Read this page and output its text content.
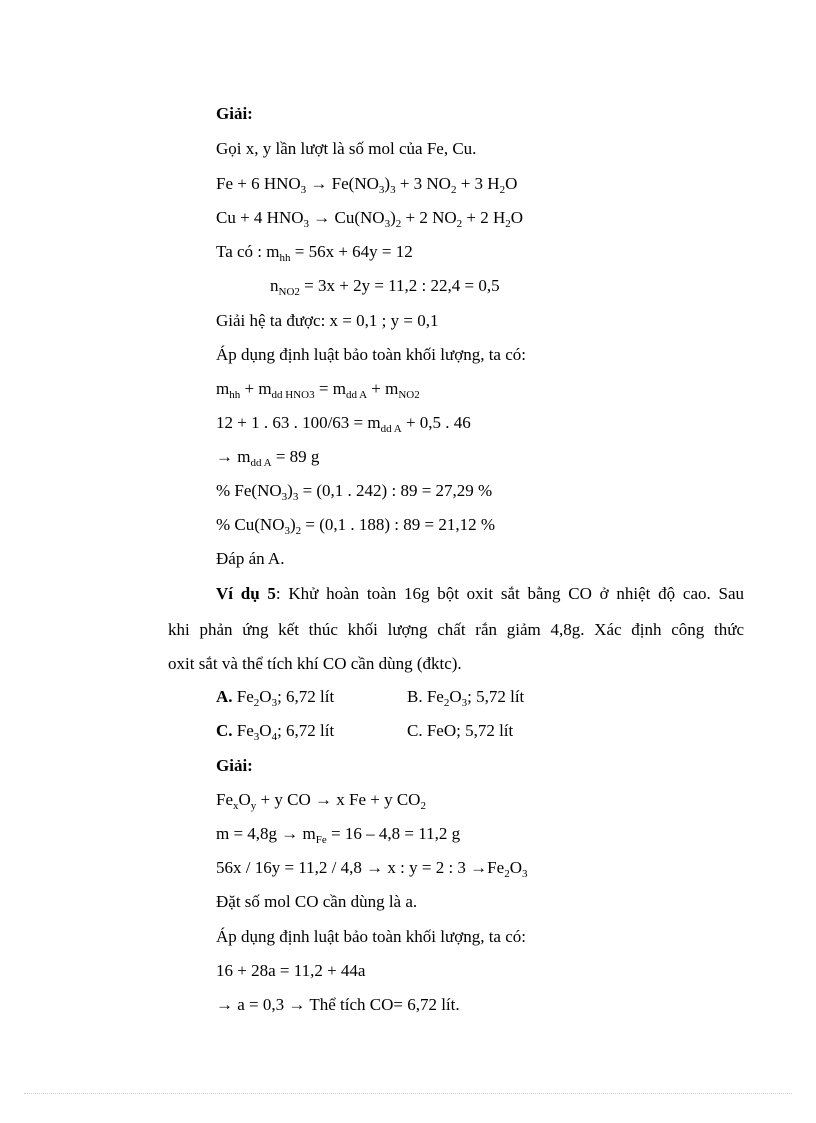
Giải:
Gọi x, y lần lượt là số mol của Fe, Cu.
Fe + 6 $HNO_3 \to Fe(NO_3)_3 + 3$ $NO_2 + 3$ $H_2O$
Cu + 4 $HNO_3 \to Cu(NO_3)_2 + 2$ $NO_2 + 2$ $H_2O$
Ta có : $m_{hh} = 56x + 64y = 12$
$n_{NO2} = 3x + 2y = 11,2$ : 22,4 = 0,5
Giải hệ ta được: x = 0,1 ; y = 0,1
Áp dụng định luật bảo toàn khối lượng, ta có:
$m_{hh} + m_{dd HNO3} = m_{dd A} + m_{NO2}$
12 + 1 . 63 . $100/63 = m_{dd A} + 0,5$ . 46
→ $m_{dd A} = 89$ g
% $Fe(NO_3)_3 = (0,1$ . 242) : 89 = 27,29 %
% $Cu(NO_3)_2 = (0,1$ . 188) : 89 = 21,12 %
Đáp án A.
Ví dụ 5: Khử hoàn toàn 16g bột oxit sắt bằng CO ở nhiệt độ cao. Sau
khi phản ứng kết thúc khối lượng chất rắn giảm 4,8g. Xác định công thức
oxit sắt và thể tích khí CO cần dùng (đktc).
A. $Fe_2O_3$; 6,72 lít	B. $Fe_2O_3$; 5,72 lít
C. $Fe_3O_4$; 6,72 lít	C. FeO; 5,72 lít
Giải:
$Fe_xO_y + y$ CO → x Fe + y $CO_2$
$m = 4,8g \to m_{Fe} = 16 - 4,8 = 11,2$ g
56x / 16y = 11,2 / 4,8 → x : y = 2 : $3 \to Fe_2O_3$
Đặt số mol CO cần dùng là a.
Áp dụng định luật bảo toàn khối lượng, ta có:
16 + 28a = 11,2 + 44a
→ a = 0,3 → Thể tích CO= 6,72 lít.
